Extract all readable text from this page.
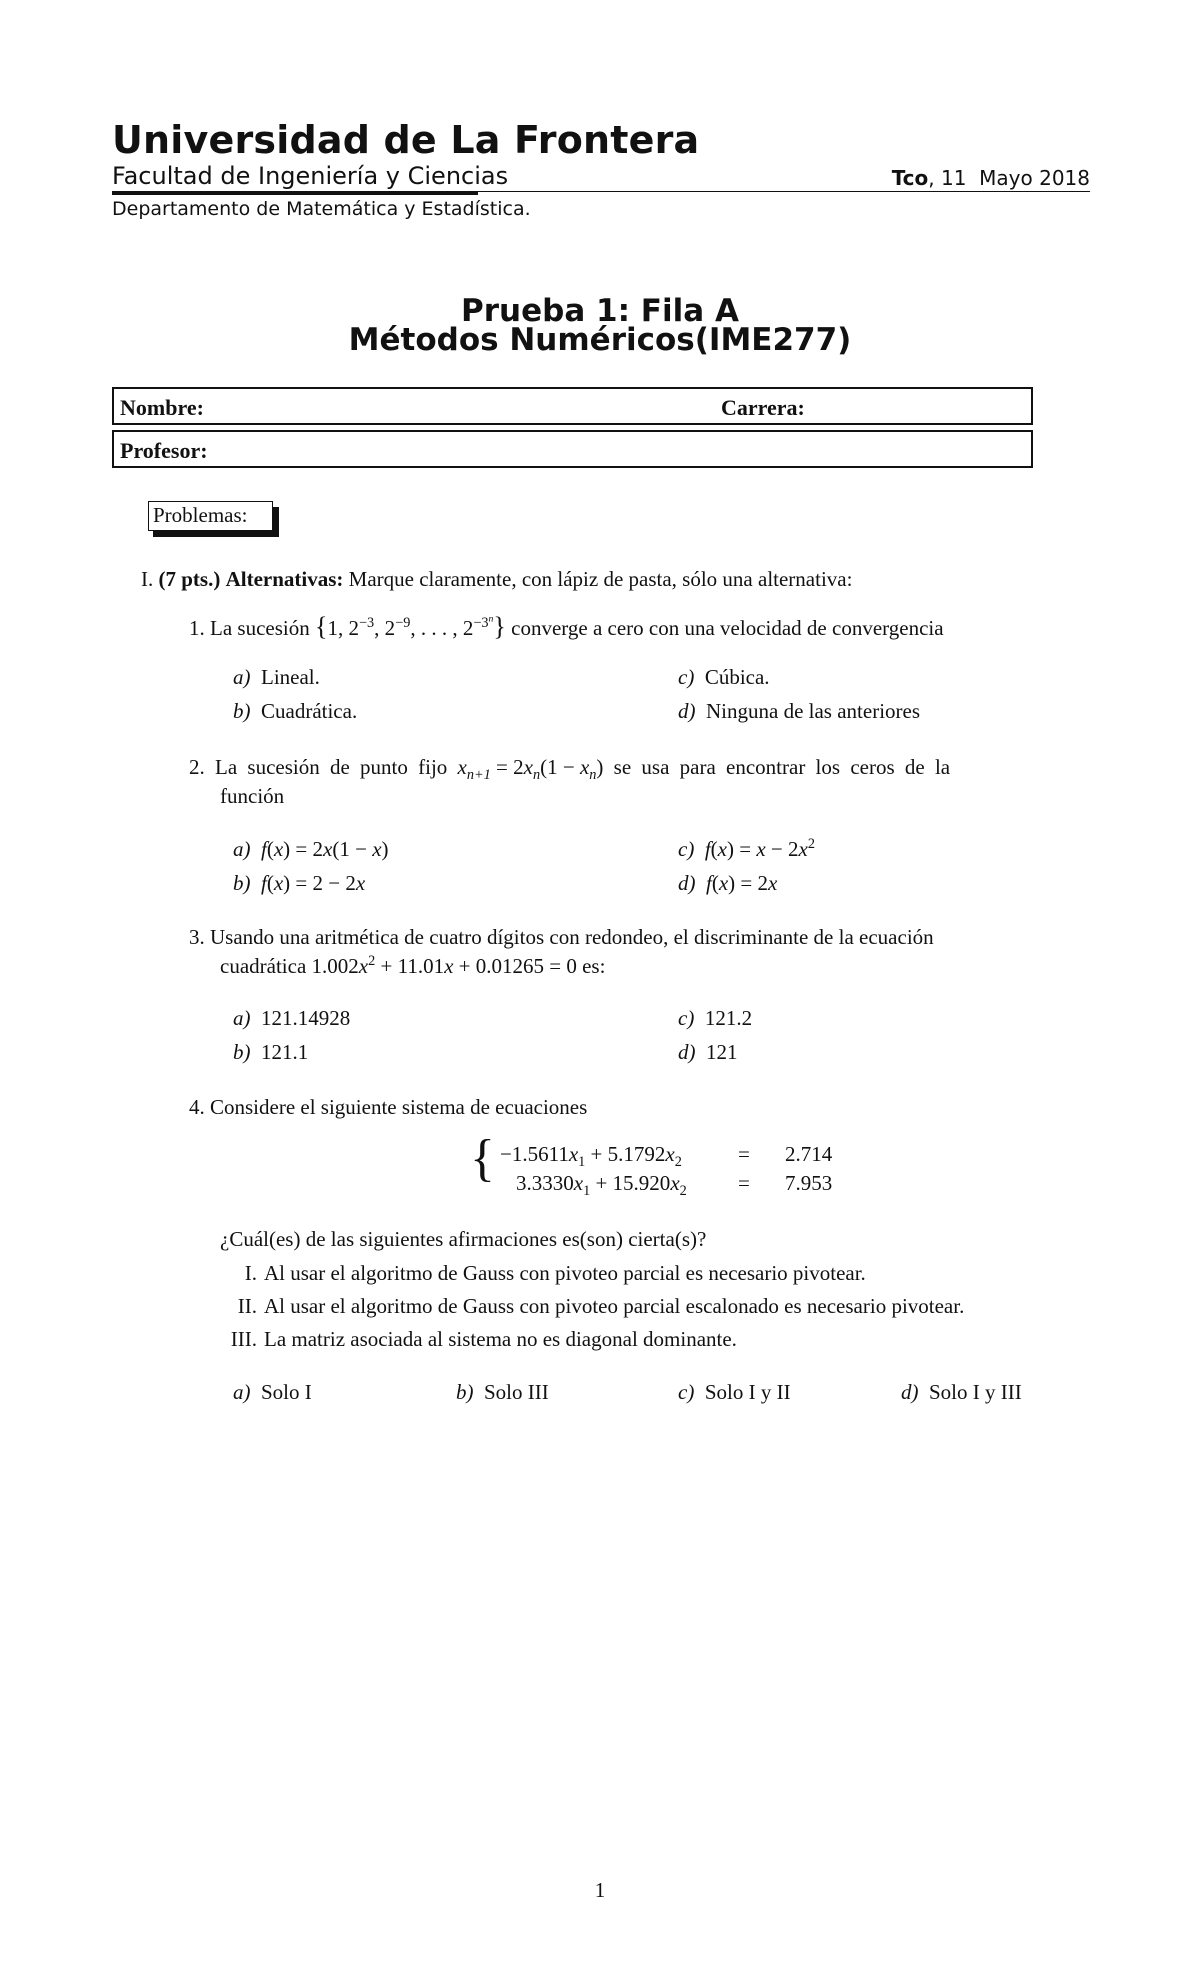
Universidad de La Frontera
Facultad de Ingeniería y Ciencias	Tco, 11  Mayo 2018
Departamento de Matemática y Estadística.
Prueba 1: Fila A
Métodos Numéricos(IME277)
Nombre:	Carrera:
Profesor:
Problemas:
I. (7 pts.) Alternativas: Marque claramente, con lápiz de pasta, sólo una alternativa:
1. La sucesión {1, $2^{-3}$, $2^{-9}$, . . . , $2^{-3^n}$} converge a cero con una velocidad de convergencia
a) Lineal.
b) Cuadrática.
c) Cúbica.
d) Ninguna de las anteriores
2. La sucesión de punto fijo $x_{n+1} = 2x_n(1 - x_n)$ se usa para encontrar los ceros de la
función
a) f(x) = 2x(1 − x)
b) f(x) = 2 − 2x
c) $f(x) = x - 2x^2$
d) f(x) = 2x
3. Usando una aritmética de cuatro dígitos con redondeo, el discriminante de la ecuación
cuadrática $1.002x^2 + 11.01x + 0.01265 = 0$ es:
a) 121.14928
b) 121.1
c) 121.2
d) 121
4. Considere el siguiente sistema de ecuaciones
{ $-1.5611x_1 + 5.1792x_2$	= 2.714
$3.3330x_1 + 15.920x_2 = 7.953$
¿Cuál(es) de las siguientes afirmaciones es(son) cierta(s)?
I. Al usar el algoritmo de Gauss con pivoteo parcial es necesario pivotear.
II. Al usar el algoritmo de Gauss con pivoteo parcial escalonado es necesario pivotear.
III. La matriz asociada al sistema no es diagonal dominante.
a) Solo I	b) Solo III	c) Solo I y II	d) Solo I y III
1
